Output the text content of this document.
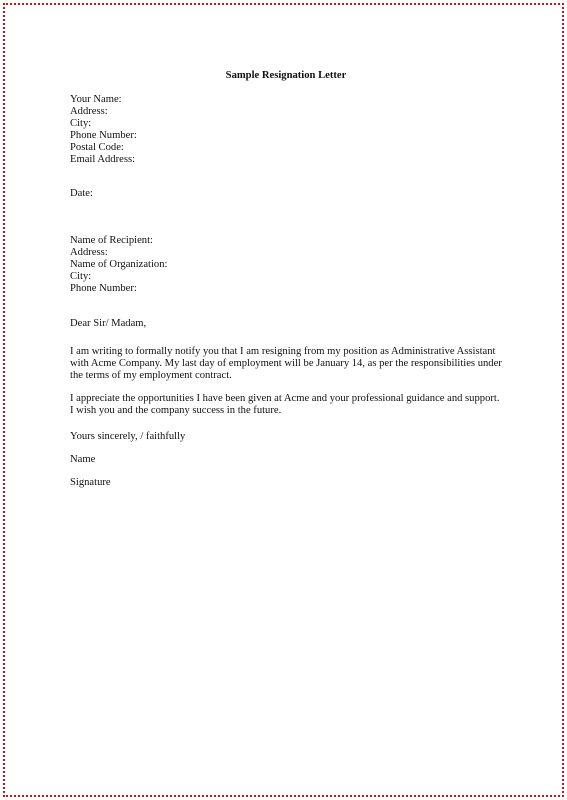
Sample Resignation Letter
Your Name:
Address:
City:
Phone Number:
Postal Code:
Email Address:
Date:
Name of Recipient:
Address:
Name of Organization:
City:
Phone Number:
Dear Sir/ Madam,
I am writing to formally notify you that I am resigning from my position as Administrative Assistant
with Acme Company. My last day of employment will be January 14, as per the responsibilities under
the terms of my employment contract.
I appreciate the opportunities I have been given at Acme and your professional guidance and support.
I wish you and the company success in the future.
Yours sincerely, / faithfully
Name
Signature
